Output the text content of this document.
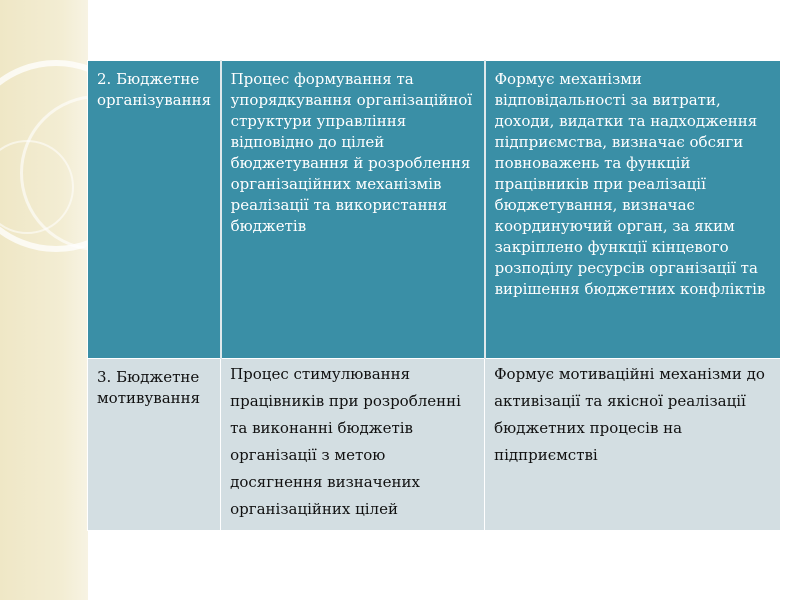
2. Бюджетне організування	Процес формування та упорядкування організаційної структури управління відповідно до цілей бюджетування й розроблення організаційних механізмів реалізації та використання бюджетів	Формує механізми відповідальності за витрати, доходи, видатки та надходження підприємства, визначає обсяги повноважень та функцій працівників при реалізації бюджетування, визначає координуючий орган, за яким закріплено функції кінцевого розподілу ресурсів організації та вирішення бюджетних конфліктів
3. Бюджетне мотивування	Процес стимулювання працівників при розробленні та виконанні бюджетів організації з метою досягнення визначених організаційних цілей	Формує мотиваційні механізми до активізації та якісної реалізації бюджетних процесів на підприємстві
